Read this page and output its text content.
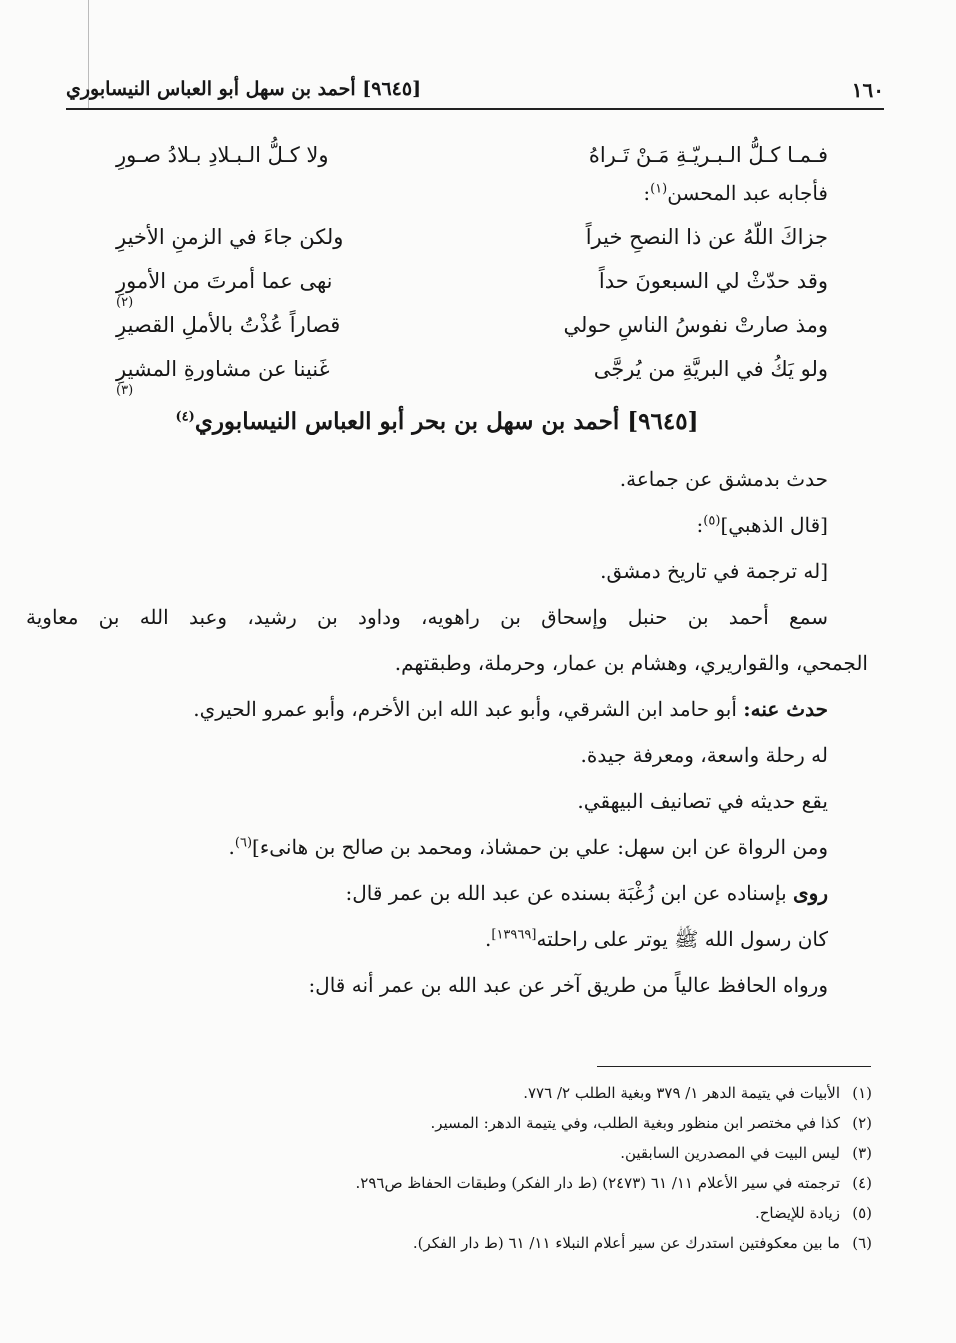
١٦٠
[٩٦٤٥] أحمد بن سهل أبو العباس النيسابوري
فـمـا كـلُّ الـبـريّـةِ مَـنْ تَـراهُ
ولا كـلُّ الـبـلادِ بـلادُ صـورِ
فأجابه عبد المحسن$^{(١)}$:
جزاكَ اللّهُ عن ذا النصحِ خيراً
ولكن جاءَ في الزمنِ الأخيرِ
وقد حدّثْ لي السبعونَ حداً
نهى عما أمرتَ من الأمورِ
$^{(٢)}$
ومذ صارتْ نفوسُ الناسِ حولي
قصاراً عُذْتُ بالأملِ القصيرِ
ولو يَكُ في البريَّةِ من يُرجَّى
غَنينا عن مشاورةِ المشيرِ
$^{(٣)}$
[٩٦٤٥] أحمد بن سهل بن بحر أبو العباس النيسابوري$^{(٤)}$

حدث بدمشق عن جماعة.

[قال الذهبي]$^{(٥)}$:

[له ترجمة في تاريخ دمشق.

سمع أحمد بن حنبل وإسحاق بن راهويه، وداود بن رشيد، وعبد الله بن معاوية

الجمحي، والقواريري، وهشام بن عمار، وحرملة، وطبقتهم.

حدث عنه: أبو حامد ابن الشرقي، وأبو عبد الله ابن الأخرم، وأبو عمرو الحيري.

له رحلة واسعة، ومعرفة جيدة.

يقع حديثه في تصانيف البيهقي.

ومن الرواة عن ابن سهل: علي بن حمشاذ، ومحمد بن صالح بن هانىء]$^{(٦)}$.

روى بإسناده عن ابن زُغْبَة بسنده عن عبد الله بن عمر قال:

كان رسول الله ﷺ يوتر على راحلته[١٣٩٦٩].

ورواه الحافظ عالياً من طريق آخر عن عبد الله بن عمر أنه قال:

(١)الأبيات في يتيمة الدهر ١/ ٣٧٩ وبغية الطلب ٢/ ٧٧٦.
(٢)كذا في مختصر ابن منظور وبغية الطلب، وفي يتيمة الدهر: المسير.
(٣)ليس البيت في المصدرين السابقين.
(٤)ترجمته في سير الأعلام ١١/ ٦١ (٢٤٧٣) (ط دار الفكر) وطبقات الحفاظ ص٢٩٦.
(٥)زيادة للإيضاح.
(٦)ما بين معكوفتين استدرك عن سير أعلام النبلاء ١١/ ٦١ (ط دار الفكر).
